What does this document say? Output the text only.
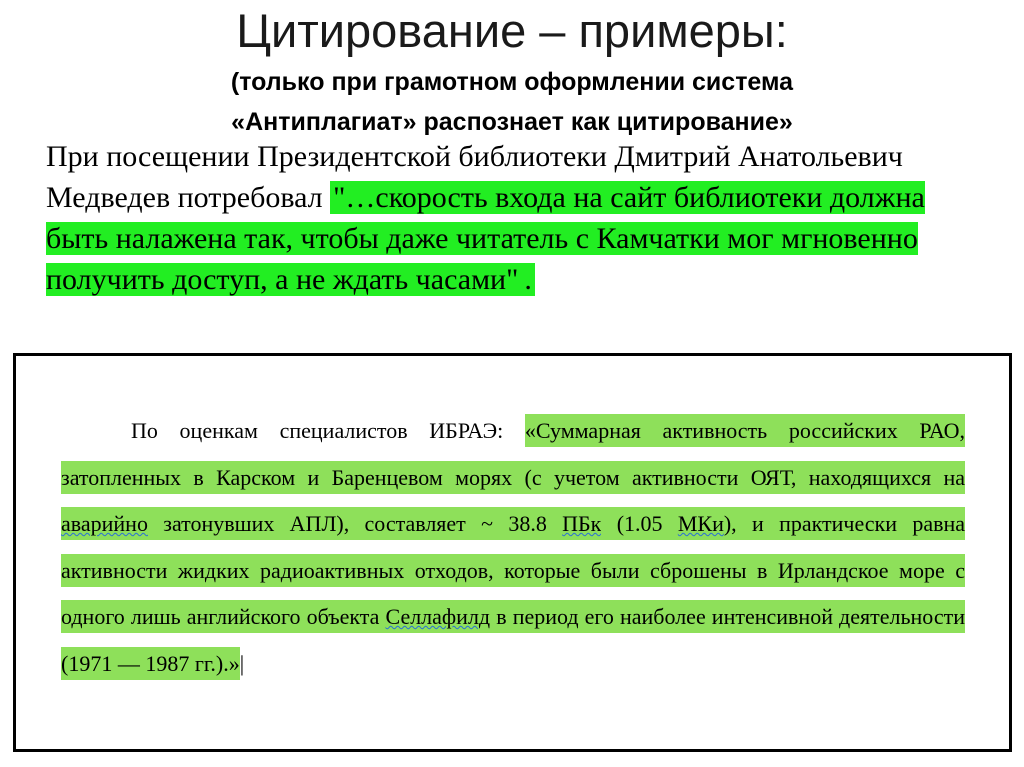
Цитирование – примеры:
(только при грамотном оформлении система
«Антиплагиат» распознает как цитирование»
При посещении Президентской библиотеки Дмитрий Анатольевич Медведев потребовал "…скорость входа на сайт библиотеки должна быть налажена так, чтобы даже читатель с Камчатки мог мгновенно получить доступ, а не ждать часами" .
По оценкам специалистов ИБРАЭ: «Суммарная активность российских РАО, затопленных в Карском и Баренцевом морях (с учетом активности ОЯТ, находящихся на аварийно затонувших АПЛ), составляет ~ 38.8 ПБк (1.05 МКи), и практически равна активности жидких радиоактивных отходов, которые были сброшены в Ирландское море с одного лишь английского объекта Селлафилд в период его наиболее интенсивной деятельности (1971 — 1987 гг.).»|
